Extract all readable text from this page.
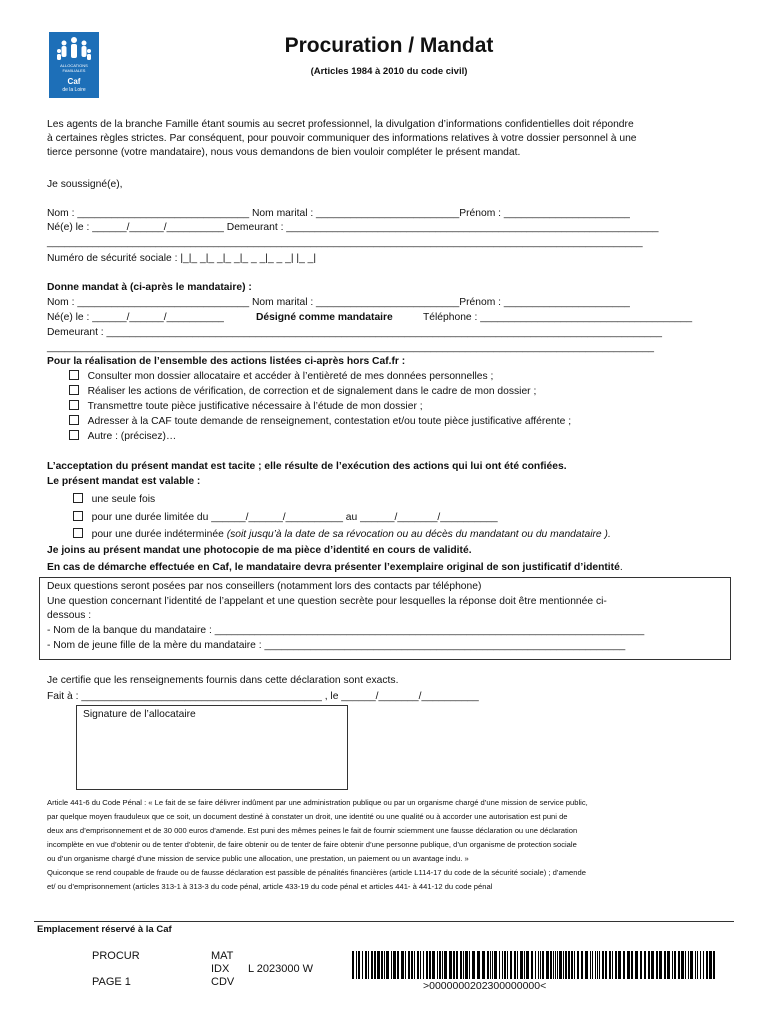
ALLOCATIONS
FAMILIALES
Caf
de la Loire
Procuration / Mandat
(Articles 1984 à 2010 du code civil)
Les agents de la branche Famille étant soumis au secret professionnel, la divulgation d’informations confidentielles doit répondre
à certaines règles strictes. Par conséquent, pour pouvoir communiquer des informations relatives à votre dossier personnel à une
tierce personne (votre mandataire), nous vous demandons de bien vouloir compléter le présent mandat.
Je soussigné(e),
Nom : ______________________________ Nom marital : _________________________Prénom : ______________________
Né(e) le : ______/______/__________ Demeurant : _________________________________________________________________
________________________________________________________________________________________________________
Numéro de sécurité sociale : |_|_ _|_ _|_ _|_ _ _|_ _ _| |_ _|
Donne mandat à (ci-après le mandataire) :
Nom : ______________________________ Nom marital : _________________________Prénom : ______________________
Né(e) le : ______/______/__________	Désigné comme mandataire	Téléphone : _____________________________________
Demeurant : _________________________________________________________________________________________________
__________________________________________________________________________________________________________
Pour la réalisation de l’ensemble des actions listées ci-après hors Caf.fr :
Consulter mon dossier allocataire et accéder à l’entièreté de mes données personnelles ;
Réaliser les actions de vérification, de correction et de signalement dans le cadre de mon dossier ;
Transmettre toute pièce justificative nécessaire à l’étude de mon dossier ;
Adresser à la CAF toute demande de renseignement, contestation et/ou toute pièce justificative afférente ;
Autre : (précisez)…
L’acceptation du présent mandat est tacite ; elle résulte de l’exécution des actions qui lui ont été confiées.
Le présent mandat est valable :
une seule fois
pour une durée limitée du ______/______/__________ au ______/_______/__________
pour une durée indéterminée (soit jusqu’à la date de sa révocation ou au décès du mandatant ou du mandataire ).
Je joins au présent mandat une photocopie de ma pièce d’identité en cours de validité.
En cas de démarche effectuée en Caf, le mandataire devra présenter l’exemplaire original de son justificatif d’identité.
Deux questions seront posées par nos conseillers (notamment lors des contacts par téléphone)
Une question concernant l’identité de l’appelant et une question secrète pour lesquelles la réponse doit être mentionnée ci-
dessous :
- Nom de la banque du mandataire : ___________________________________________________________________________
- Nom de jeune fille de la mère du mandataire : _______________________________________________________________
Je certifie que les renseignements fournis dans cette déclaration sont exacts.
Fait à : __________________________________________ , le ______/_______/__________
Signature de l’allocataire
Article 441-6 du Code Pénal : « Le fait de se faire délivrer indûment par une administration publique ou par un organisme chargé d’une mission de service public,
par quelque moyen frauduleux que ce soit, un document destiné à constater un droit, une identité ou une qualité ou à accorder une autorisation est puni de
deux ans d’emprisonnement et de 30 000 euros d’amende. Est puni des mêmes peines le fait de fournir sciemment une fausse déclaration ou une déclaration
incomplète en vue d’obtenir ou de tenter d’obtenir, de faire obtenir ou de tenter de faire obtenir d’une personne publique, d’un organisme de protection sociale
ou d’un organisme chargé d’une mission de service public une allocation, une prestation, un paiement ou un avantage indu. »
Quiconque se rend coupable de fraude ou de fausse déclaration est passible de pénalités financières (article L114-17 du code de la sécurité sociale) ; d’amende
et/ ou d’emprisonnement (articles 313-1 à 313-3 du code pénal, article 433-19 du code pénal et articles 441- à 441-12 du code pénal
Emplacement réservé à la Caf
PROCUR
PAGE 1
MAT
IDX
CDV
L 2023000 W
>0000000202300000000<
